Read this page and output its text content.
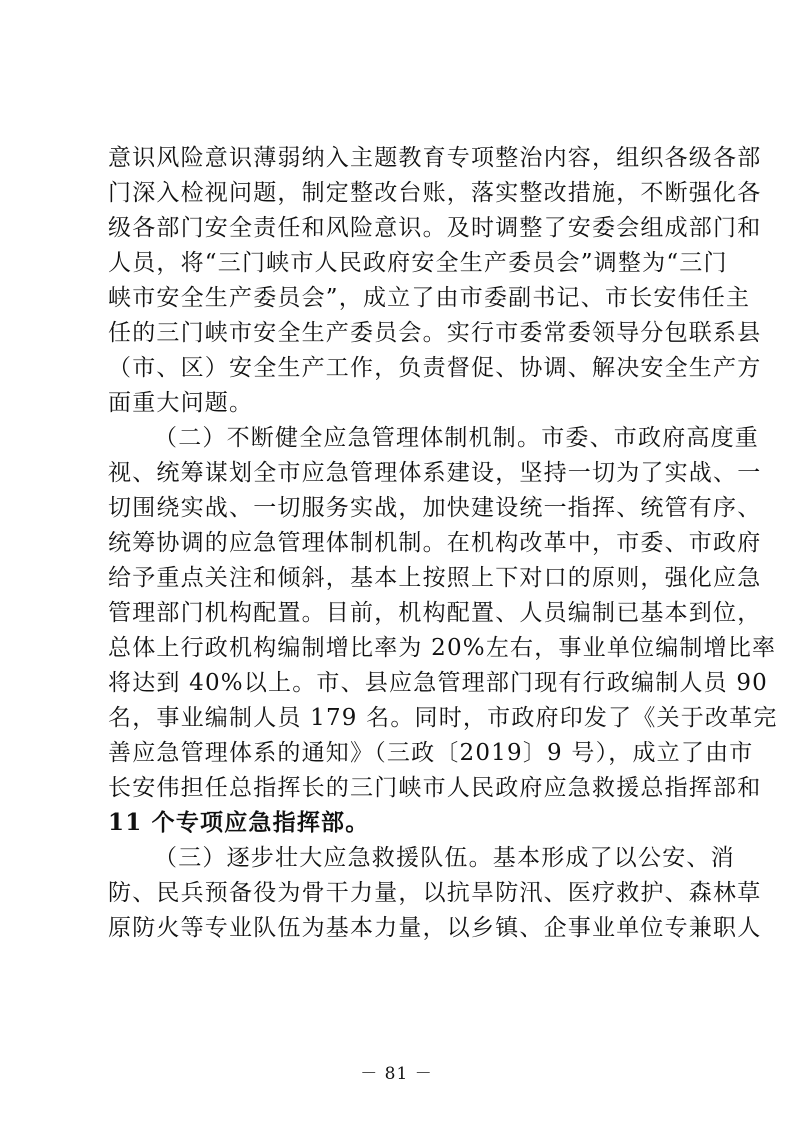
意识风险意识薄弱纳入主题教育专项整治内容，组织各级各部
门深入检视问题，制定整改台账，落实整改措施，不断强化各
级各部门安全责任和风险意识。及时调整了安委会组成部门和
人员，将“三门峡市人民政府安全生产委员会”调整为“三门
峡市安全生产委员会”，成立了由市委副书记、市长安伟任主
任的三门峡市安全生产委员会。实行市委常委领导分包联系县
（市、区）安全生产工作，负责督促、协调、解决安全生产方
面重大问题。
（二）不断健全应急管理体制机制。市委、市政府高度重
视、统筹谋划全市应急管理体系建设，坚持一切为了实战、一
切围绕实战、一切服务实战，加快建设统一指挥、统管有序、
统筹协调的应急管理体制机制。在机构改革中，市委、市政府
给予重点关注和倾斜，基本上按照上下对口的原则，强化应急
管理部门机构配置。目前，机构配置、人员编制已基本到位，
总体上行政机构编制增比率为 20%左右，事业单位编制增比率
将达到 40%以上。市、县应急管理部门现有行政编制人员 90
名，事业编制人员 179 名。同时，市政府印发了《关于改革完
善应急管理体系的通知》（三政〔2019〕9 号），成立了由市
长安伟担任总指挥长的三门峡市人民政府应急救援总指挥部和
11 个专项应急指挥部。
（三）逐步壮大应急救援队伍。基本形成了以公安、消
防、民兵预备役为骨干力量，以抗旱防汛、医疗救护、森林草
原防火等专业队伍为基本力量，以乡镇、企事业单位专兼职人
－ 81 －
